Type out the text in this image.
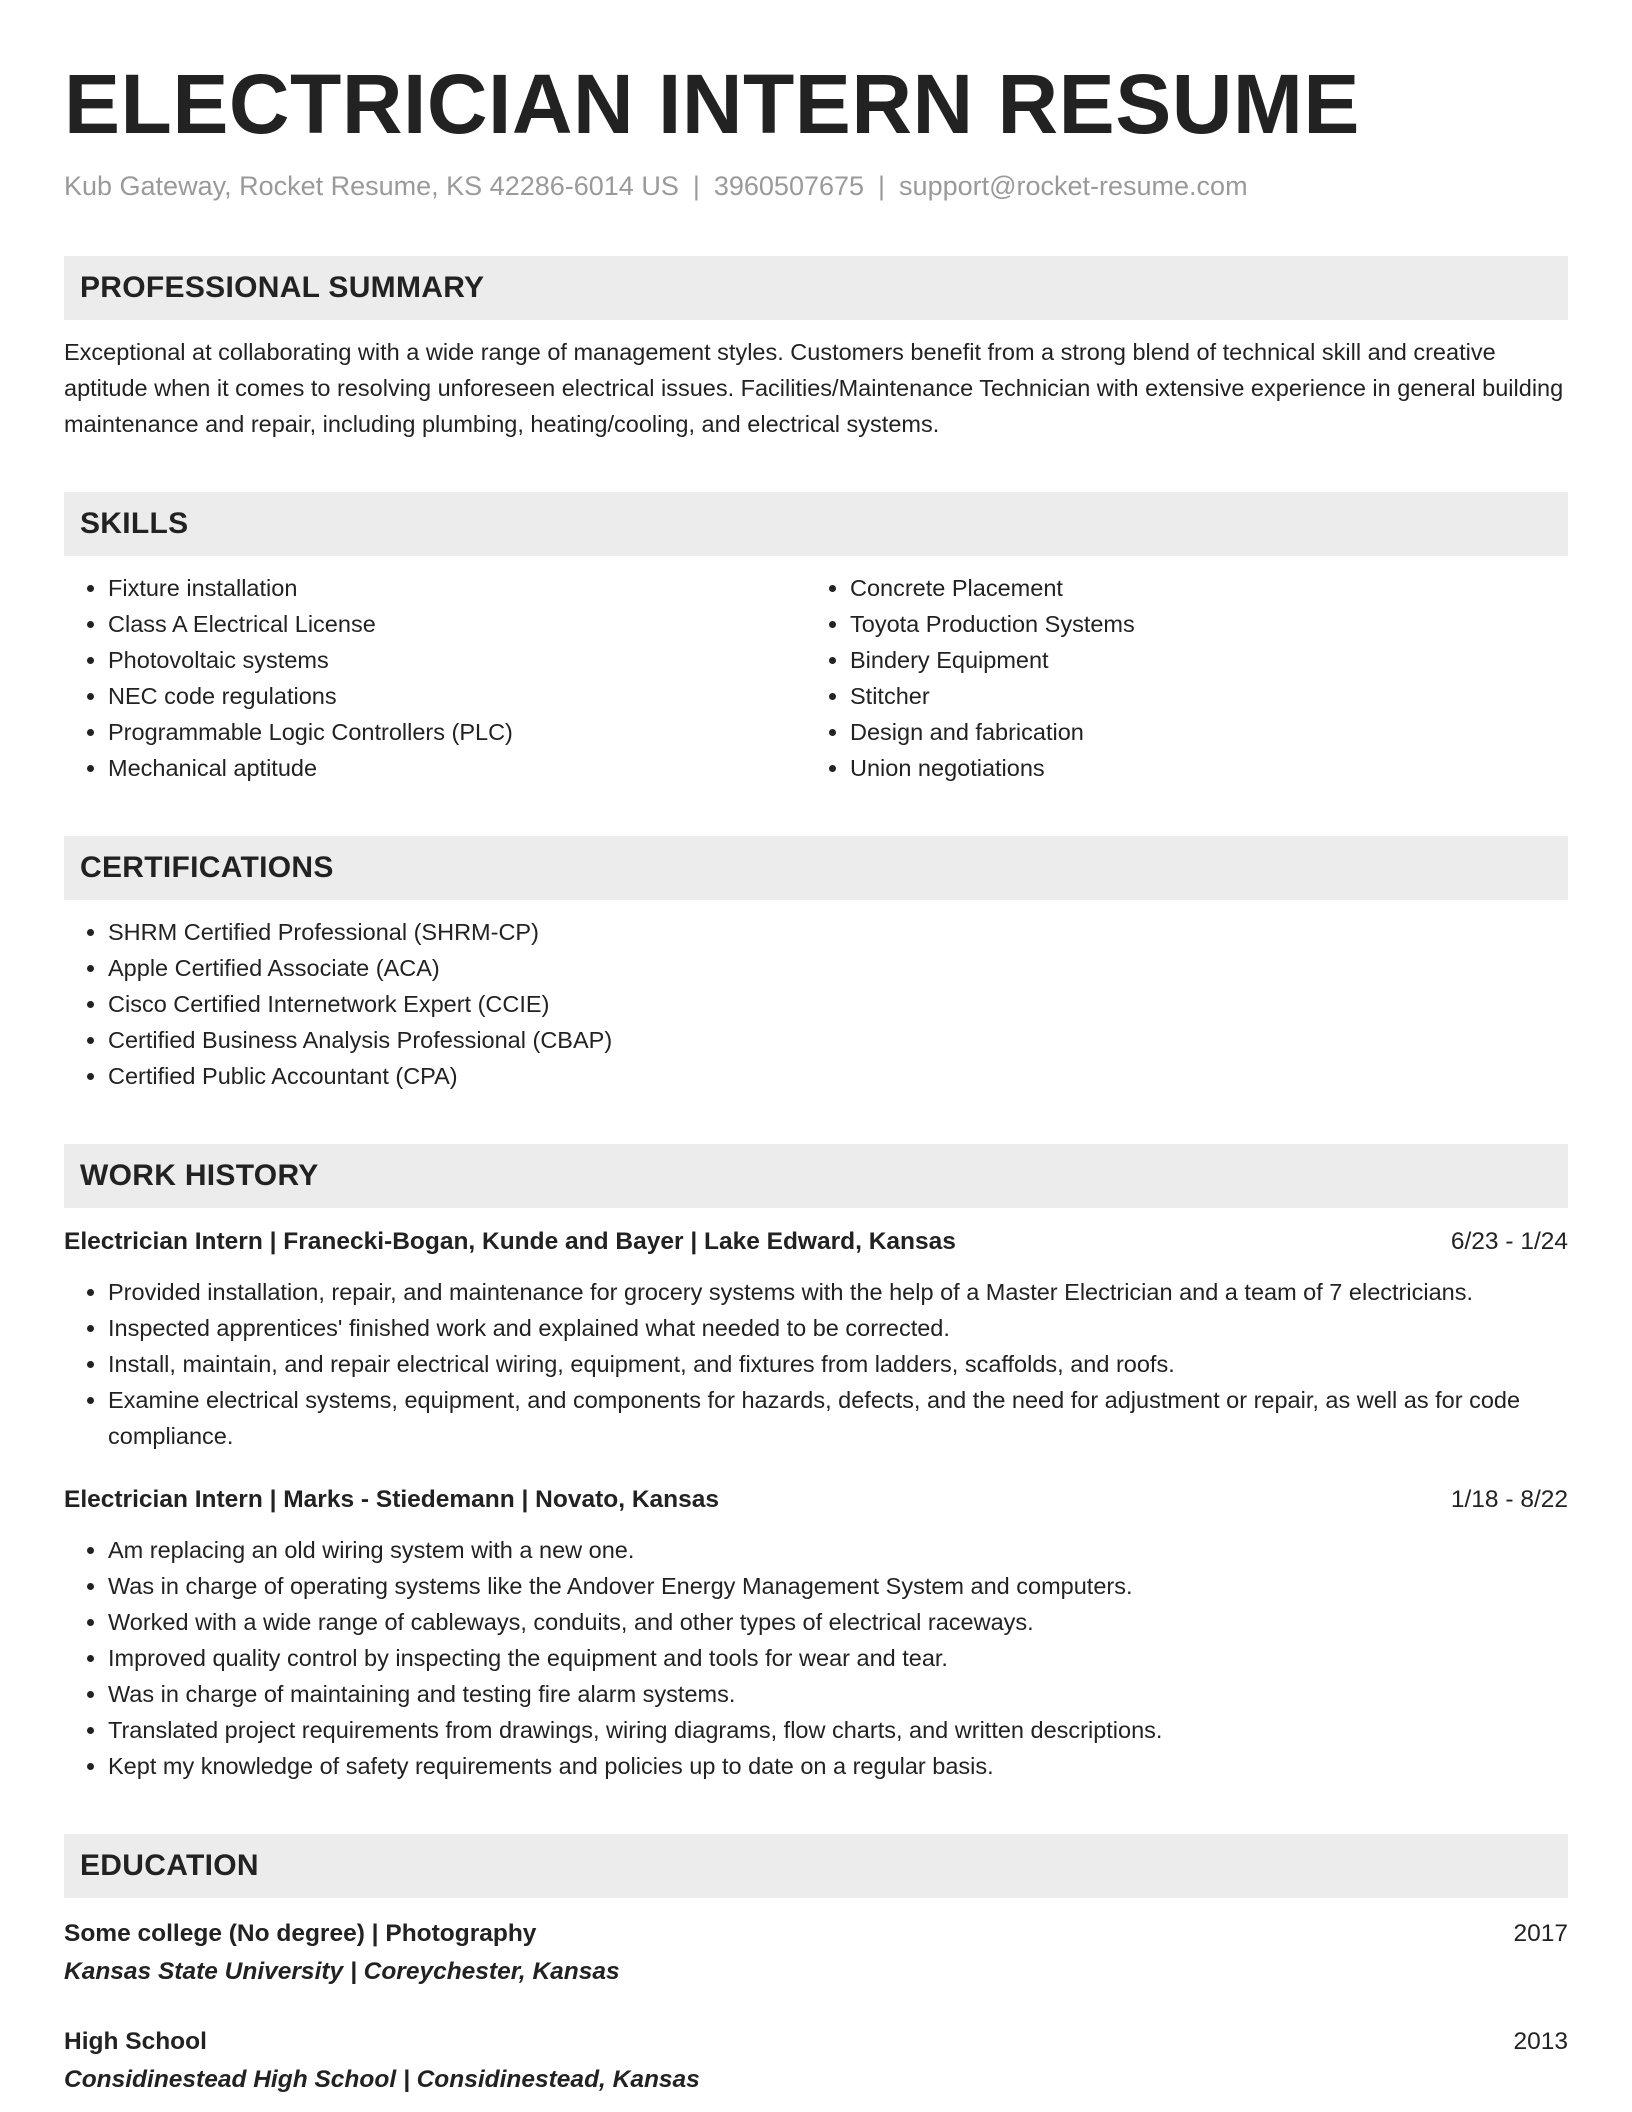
ELECTRICIAN INTERN RESUME
Kub Gateway, Rocket Resume, KS 42286-6014 US | 3960507675 | support@rocket-resume.com
PROFESSIONAL SUMMARY
Exceptional at collaborating with a wide range of management styles. Customers benefit from a strong blend of technical skill and creative aptitude when it comes to resolving unforeseen electrical issues. Facilities/Maintenance Technician with extensive experience in general building maintenance and repair, including plumbing, heating/cooling, and electrical systems.
SKILLS
• Fixture installation
• Class A Electrical License
• Photovoltaic systems
• NEC code regulations
• Programmable Logic Controllers (PLC)
• Mechanical aptitude
• Concrete Placement
• Toyota Production Systems
• Bindery Equipment
• Stitcher
• Design and fabrication
• Union negotiations
CERTIFICATIONS
• SHRM Certified Professional (SHRM-CP)
• Apple Certified Associate (ACA)
• Cisco Certified Internetwork Expert (CCIE)
• Certified Business Analysis Professional (CBAP)
• Certified Public Accountant (CPA)
WORK HISTORY
Electrician Intern | Franecki-Bogan, Kunde and Bayer | Lake Edward, Kansas	6/23 - 1/24
• Provided installation, repair, and maintenance for grocery systems with the help of a Master Electrician and a team of 7 electricians.
• Inspected apprentices' finished work and explained what needed to be corrected.
• Install, maintain, and repair electrical wiring, equipment, and fixtures from ladders, scaffolds, and roofs.
• Examine electrical systems, equipment, and components for hazards, defects, and the need for adjustment or repair, as well as for code compliance.
Electrician Intern | Marks - Stiedemann | Novato, Kansas	1/18 - 8/22
• Am replacing an old wiring system with a new one.
• Was in charge of operating systems like the Andover Energy Management System and computers.
• Worked with a wide range of cableways, conduits, and other types of electrical raceways.
• Improved quality control by inspecting the equipment and tools for wear and tear.
• Was in charge of maintaining and testing fire alarm systems.
• Translated project requirements from drawings, wiring diagrams, flow charts, and written descriptions.
• Kept my knowledge of safety requirements and policies up to date on a regular basis.
EDUCATION
Some college (No degree) | Photography	2017
Kansas State University | Coreychester, Kansas
High School	2013
Considinestead High School | Considinestead, Kansas
